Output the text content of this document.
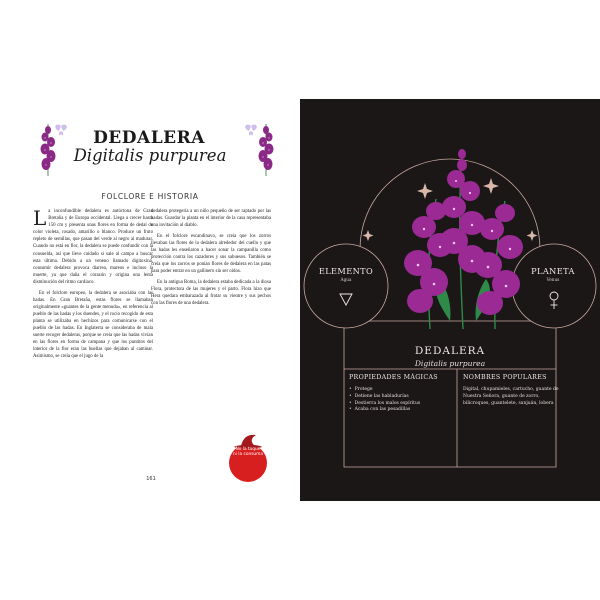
DEDALERA
Digitalis purpurea
FOLCLORE E HISTORIA

La inconfundible dedalera es autóctona de Gran Bretaña y de Europa occidental. Llega a crecer hasta 150 cm y presenta unas flores en forma de dedal de color violeta, rosado, amarillo o blanco. Produce un fruto repleto de semillas, que pasan del verde al negro al madurar. Cuando no está en flor, la dedalera se puede confundir con la consuelda, así que lleve cuidado si sale al campo a buscar esta última. Debido a un veneno llamado digitoxina, consumir dedalera provoca diarrea, mareos e incluso la muerte, ya que daña el corazón y origina una lenta disminución del ritmo cardiaco.

En el folclore europeo, la dedalera se asociaba con las hadas. En Gran Bretaña, estas flores se llamaban originalmente «guantes de la gente menuda», en referencia al pueblo de las hadas y los duendes, y el rocío recogido de esta planta se utilizaba en hechizos para comunicarse con el pueblo de las hadas. En Inglaterra se consideraba de mala suerte recoger dedaleras, porque se creía que las hadas vivían en las flores en forma de campana y que los puntitos del interior de la flor eran las huellas que dejaban al caminar. Asimismo, se creía que el jugo de la

dedalera protegería a un niño pequeño de ser raptado por las hadas. Guardar la planta en el interior de la casa representaba una invitación al diablo.

En el folclore escandinavo, se creía que los zorros llevaban las flores de la dedalera alrededor del cuello y que las hadas les enseñaron a hacer sonar la campanilla como protección contra los cazadores y sus sabuesos. También se creía que los zorros se ponían flores de dedalera en las patas para poder entrar en un gallinero sin ser oídos.

En la antigua Roma, la dedalera estaba dedicada a la diosa Flora, protectora de las mujeres y el parto. Flora hizo que Hera quedara embarazada al frotar su vientre y sus pechos con las flores de una dedalera.

161
No la toque
ni la consuma
ELEMENTO
Agua
PLANETA
Venus
DEDALERA
Digitalis purpurea
PROPIEDADES MÁGICAS
• Protege
• Detiene las habladurías
• Destierra los malos espíritus
• Acaba con las pesadillas
NOMBRES POPULARES
Digital, chupamieles, cartucho, guante de Nuestra Señora, guante de zorro, bilicroques, guantelete, sanjuán, lobera
